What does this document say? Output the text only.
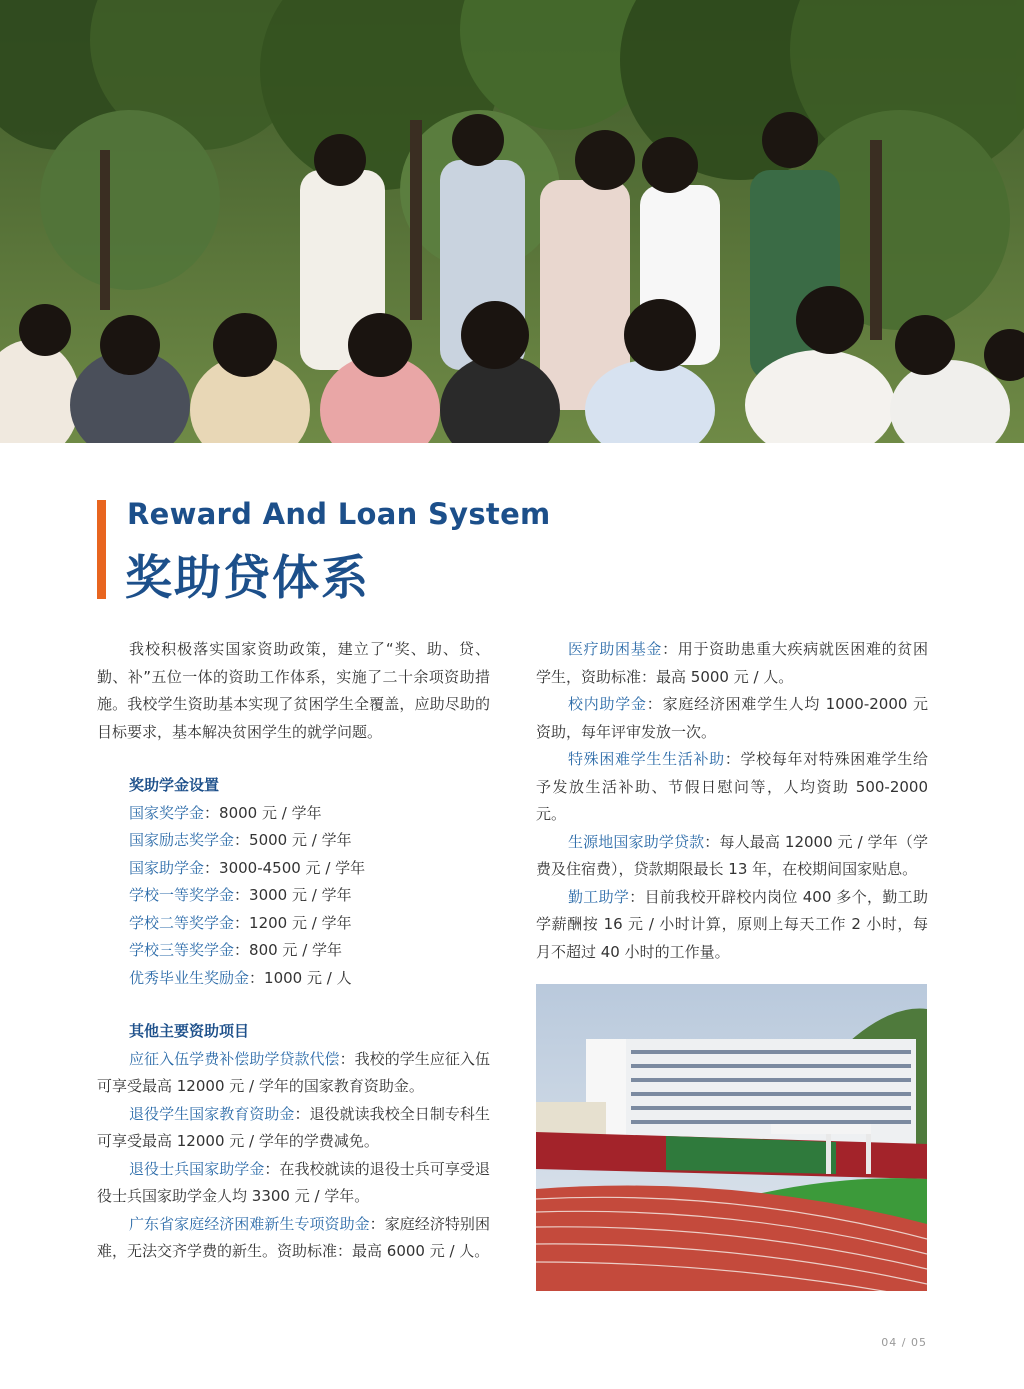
Reward And Loan System
奖助贷体系

我校积极落实国家资助政策，建立了“奖、助、贷、勤、补”五位一体的资助工作体系，实施了二十余项资助措施。我校学生资助基本实现了贫困学生全覆盖，应助尽助的目标要求，基本解决贫困学生的就学问题。

奖助学金设置
国家奖学金：8000 元 / 学年
国家励志奖学金：5000 元 / 学年
国家助学金：3000-4500 元 / 学年
学校一等奖学金：3000 元 / 学年
学校二等奖学金：1200 元 / 学年
学校三等奖学金：800 元 / 学年
优秀毕业生奖励金：1000 元 / 人
其他主要资助项目

应征入伍学费补偿助学贷款代偿：我校的学生应征入伍可享受最高 12000 元 / 学年的国家教育资助金。

退役学生国家教育资助金：退役就读我校全日制专科生可享受最高 12000 元 / 学年的学费减免。

退役士兵国家助学金：在我校就读的退役士兵可享受退役士兵国家助学金人均 3300 元 / 学年。

广东省家庭经济困难新生专项资助金：家庭经济特别困难，无法交齐学费的新生。资助标准：最高 6000 元 / 人。

医疗助困基金：用于资助患重大疾病就医困难的贫困学生，资助标准：最高 5000 元 / 人。

校内助学金：家庭经济困难学生人均 1000-2000 元资助，每年评审发放一次。

特殊困难学生生活补助：学校每年对特殊困难学生给予发放生活补助、节假日慰问等，人均资助 500-2000 元。

生源地国家助学贷款：每人最高 12000 元 / 学年（学费及住宿费），贷款期限最长 13 年，在校期间国家贴息。

勤工助学：目前我校开辟校内岗位 400 多个，勤工助学薪酬按 16 元 / 小时计算，原则上每天工作 2 小时，每月不超过 40 小时的工作量。

04 / 05
